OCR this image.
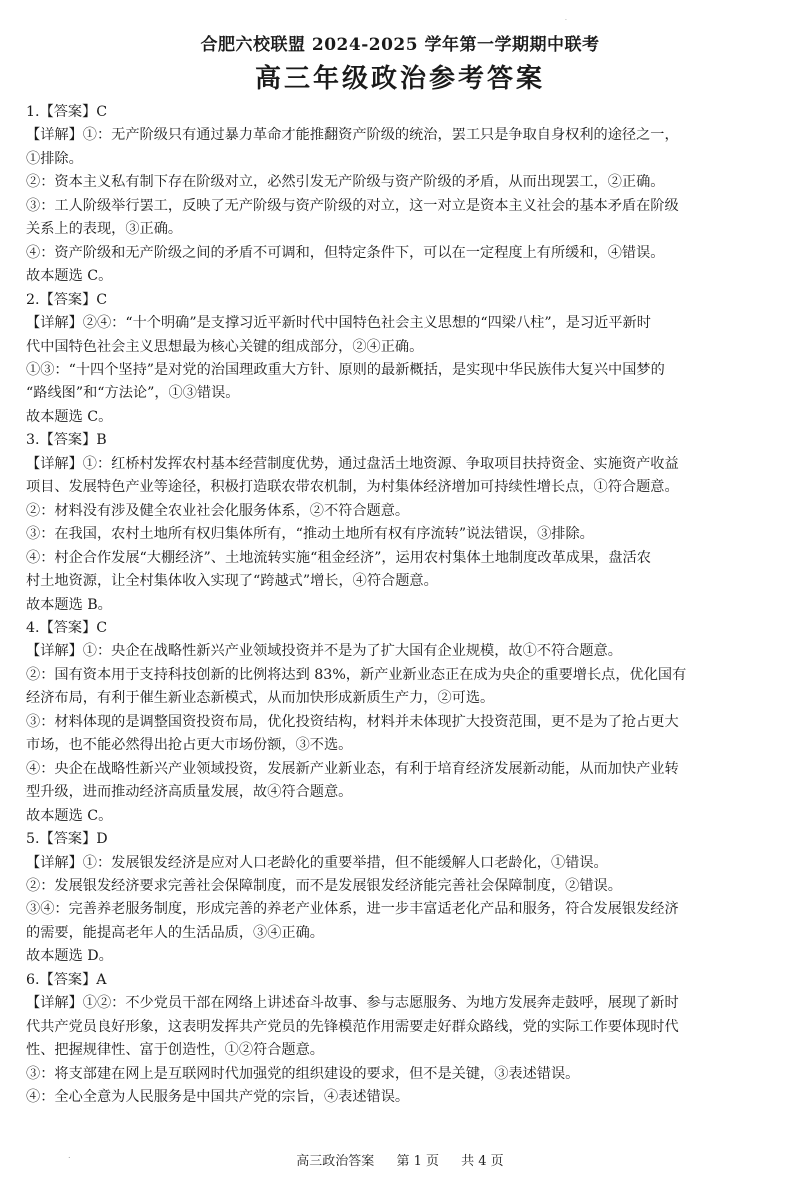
·
合肥六校联盟 2024-2025 学年第一学期期中联考
高三年级政治参考答案
1.【答案】C
【详解】①：无产阶级只有通过暴力革命才能推翻资产阶级的统治，罢工只是争取自身权利的途径之一，
①排除。
②：资本主义私有制下存在阶级对立，必然引发无产阶级与资产阶级的矛盾，从而出现罢工，②正确。
③：工人阶级举行罢工，反映了无产阶级与资产阶级的对立，这一对立是资本主义社会的基本矛盾在阶级
关系上的表现，③正确。
④：资产阶级和无产阶级之间的矛盾不可调和，但特定条件下，可以在一定程度上有所缓和，④错误。
故本题选 C。
2.【答案】C
【详解】②④：“十个明确”是支撑习近平新时代中国特色社会主义思想的“四梁八柱”，是习近平新时
代中国特色社会主义思想最为核心关键的组成部分，②④正确。
①③：“十四个坚持”是对党的治国理政重大方针、原则的最新概括，是实现中华民族伟大复兴中国梦的
“路线图”和“方法论”，①③错误。
故本题选 C。
3.【答案】B
【详解】①：红桥村发挥农村基本经营制度优势，通过盘活土地资源、争取项目扶持资金、实施资产收益
项目、发展特色产业等途径，积极打造联农带农机制，为村集体经济增加可持续性增长点，①符合题意。
②：材料没有涉及健全农业社会化服务体系，②不符合题意。
③：在我国，农村土地所有权归集体所有，“推动土地所有权有序流转”说法错误，③排除。
④：村企合作发展“大棚经济”、土地流转实施“租金经济”，运用农村集体土地制度改革成果，盘活农
村土地资源，让全村集体收入实现了“跨越式”增长，④符合题意。
故本题选 B。
4.【答案】C
【详解】①：央企在战略性新兴产业领域投资并不是为了扩大国有企业规模，故①不符合题意。
②：国有资本用于支持科技创新的比例将达到 83%，新产业新业态正在成为央企的重要增长点，优化国有
经济布局，有利于催生新业态新模式，从而加快形成新质生产力，②可选。
③：材料体现的是调整国资投资布局，优化投资结构，材料并未体现扩大投资范围，更不是为了抢占更大
市场，也不能必然得出抢占更大市场份额，③不选。
④：央企在战略性新兴产业领域投资，发展新产业新业态，有利于培育经济发展新动能，从而加快产业转
型升级，进而推动经济高质量发展，故④符合题意。
故本题选 C。
5.【答案】D
【详解】①：发展银发经济是应对人口老龄化的重要举措，但不能缓解人口老龄化，①错误。
②：发展银发经济要求完善社会保障制度，而不是发展银发经济能完善社会保障制度，②错误。
③④：完善养老服务制度，形成完善的养老产业体系，进一步丰富适老化产品和服务，符合发展银发经济
的需要，能提高老年人的生活品质，③④正确。
故本题选 D。
6.【答案】A
【详解】①②：不少党员干部在网络上讲述奋斗故事、参与志愿服务、为地方发展奔走鼓呼，展现了新时
代共产党员良好形象，这表明发挥共产党员的先锋模范作用需要走好群众路线，党的实际工作要体现时代
性、把握规律性、富于创造性，①②符合题意。
③：将支部建在网上是互联网时代加强党的组织建设的要求，但不是关键，③表述错误。
④：全心全意为人民服务是中国共产党的宗旨，④表述错误。
.	高三政治答案 第 1 页 共 4 页
